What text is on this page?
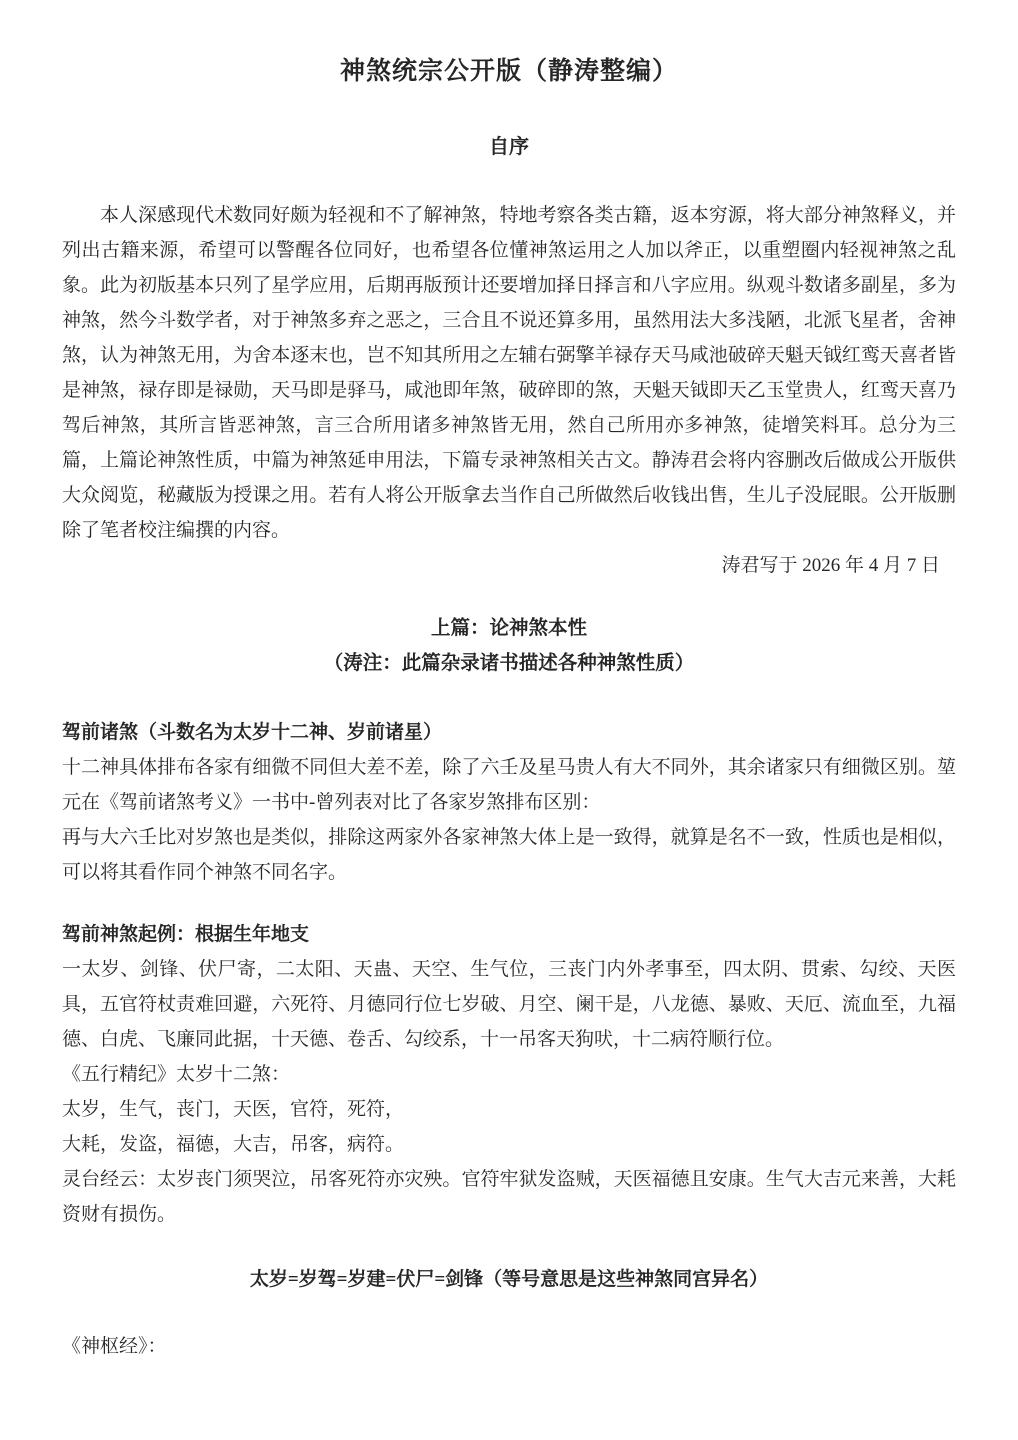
神煞统宗公开版（静涛整编）
自序

本人深感现代术数同好颇为轻视和不了解神煞，特地考察各类古籍，返本穷源，将大部分神煞释义，并列出古籍来源，希望可以警醒各位同好，也希望各位懂神煞运用之人加以斧正，以重塑圈内轻视神煞之乱象。此为初版基本只列了星学应用，后期再版预计还要增加择日择言和八字应用。纵观斗数诸多副星，多为神煞，然今斗数学者，对于神煞多弃之恶之，三合且不说还算多用，虽然用法大多浅陋，北派飞星者，舍神煞，认为神煞无用，为舍本逐末也，岂不知其所用之左辅右弼擎羊禄存天马咸池破碎天魁天钺红鸾天喜者皆是神煞，禄存即是禄勋，天马即是驿马，咸池即年煞，破碎即的煞，天魁天钺即天乙玉堂贵人，红鸾天喜乃驾后神煞，其所言皆恶神煞，言三合所用诸多神煞皆无用，然自己所用亦多神煞，徒增笑料耳。总分为三篇，上篇论神煞性质，中篇为神煞延申用法，下篇专录神煞相关古文。静涛君会将内容删改后做成公开版供大众阅览，秘藏版为授课之用。若有人将公开版拿去当作自己所做然后收钱出售，生儿子没屁眼。公开版删除了笔者校注编撰的内容。

涛君写于 2026 年 4 月 7 日

上篇：论神煞本性

（涛注：此篇杂录诸书描述各种神煞性质）

驾前诸煞（斗数名为太岁十二神、岁前诸星）

十二神具体排布各家有细微不同但大差不差，除了六壬及星马贵人有大不同外，其余诸家只有细微区别。堃元在《驾前诸煞考义》一书中-曾列表对比了各家岁煞排布区别：

再与大六壬比对岁煞也是类似，排除这两家外各家神煞大体上是一致得，就算是名不一致，性质也是相似，可以将其看作同个神煞不同名字。

驾前神煞起例：根据生年地支

一太岁、剑锋、伏尸寄，二太阳、天蛊、天空、生气位，三丧门内外孝事至，四太阴、贯索、勾绞、天医具，五官符杖责难回避，六死符、月德同行位七岁破、月空、阑干是，八龙德、暴败、天厄、流血至，九福德、白虎、飞廉同此据，十天德、卷舌、勾绞系，十一吊客天狗吠，十二病符顺行位。

《五行精纪》太岁十二煞：

太岁，生气，丧门，天医，官符，死符，

大耗，发盗，福德，大吉，吊客，病符。

灵台经云：太岁丧门须哭泣，吊客死符亦灾殃。官符牢狱发盗贼，天医福德且安康。生气大吉元来善，大耗资财有损伤。

太岁=岁驾=岁建=伏尸=剑锋（等号意思是这些神煞同宫异名）

《神枢经》：
